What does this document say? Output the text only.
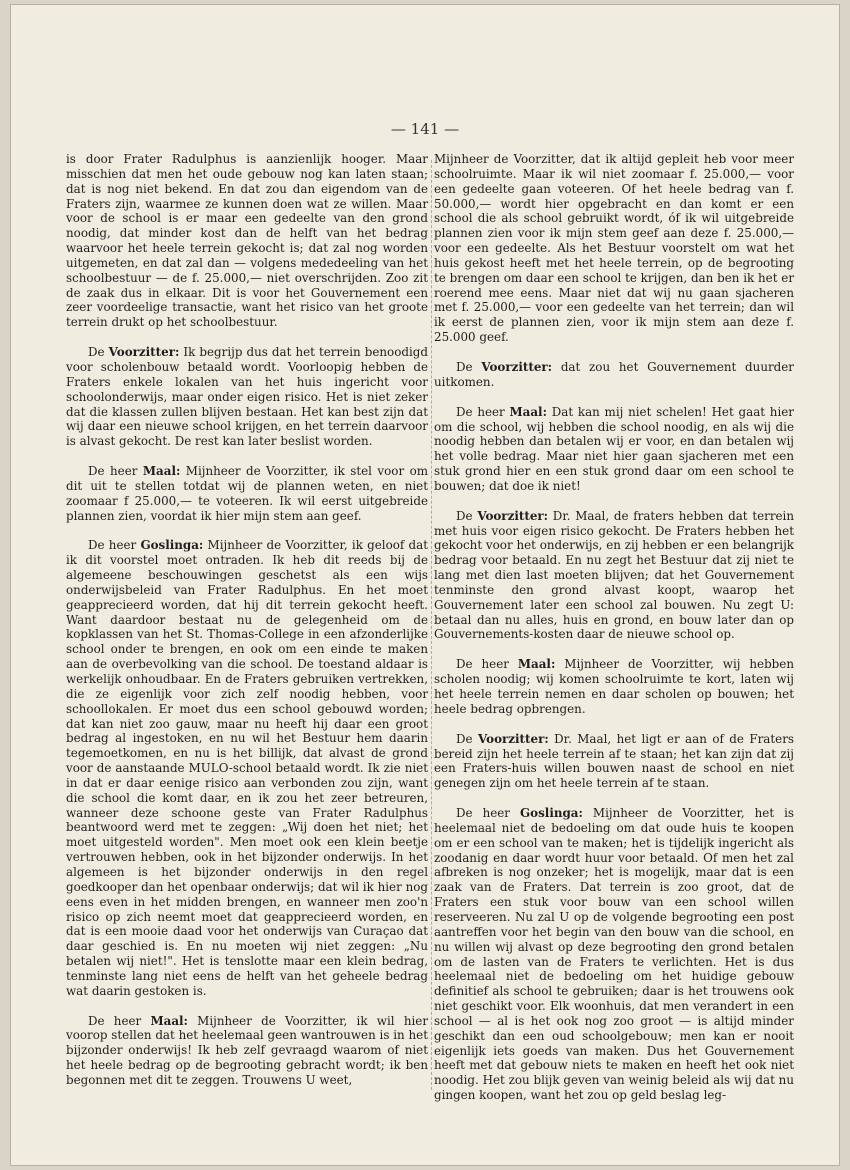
— 141 —

is door Frater Radulphus is aanzienlijk hooger. Maar misschien dat men het oude gebouw nog kan laten staan; dat is nog niet bekend. En dat zou dan eigendom van de Fraters zijn, waarmee ze kunnen doen wat ze willen. Maar voor de school is er maar een gedeelte van den grond noodig, dat minder kost dan de helft van het bedrag waarvoor het heele terrein gekocht is; dat zal nog worden uitgemeten, en dat zal dan — volgens mededeeling van het schoolbestuur — de f. 25.000,— niet overschrijden. Zoo zit de zaak dus in elkaar. Dit is voor het Gouvernement een zeer voordeelige transactie, want het risico van het groote terrein drukt op het schoolbestuur.

De Voorzitter: Ik begrijp dus dat het terrein benoodigd voor scholenbouw betaald wordt. Voorloopig hebben de Fraters enkele lokalen van het huis ingericht voor schoolonderwijs, maar onder eigen risico. Het is niet zeker dat die klassen zullen blijven bestaan. Het kan best zijn dat wij daar een nieuwe school krijgen, en het terrein daarvoor is alvast gekocht. De rest kan later beslist worden.

De heer Maal: Mijnheer de Voorzitter, ik stel voor om dit uit te stellen totdat wij de plannen weten, en niet zoomaar f 25.000,— te voteeren. Ik wil eerst uitgebreide plannen zien, voordat ik hier mijn stem aan geef.

De heer Goslinga: Mijnheer de Voorzitter, ik geloof dat ik dit voorstel moet ontraden. Ik heb dit reeds bij de algemeene beschouwingen geschetst als een wijs onderwijsbeleid van Frater Radulphus. En het moet geapprecieerd worden, dat hij dit terrein gekocht heeft. Want daardoor bestaat nu de gelegenheid om de kopklassen van het St. Thomas-College in een afzonderlijke school onder te brengen, en ook om een einde te maken aan de overbevolking van die school. De toestand aldaar is werkelijk onhoudbaar. En de Fraters gebruiken vertrekken, die ze eigenlijk voor zich zelf noodig hebben, voor schoollokalen. Er moet dus een school gebouwd worden; dat kan niet zoo gauw, maar nu heeft hij daar een groot bedrag al ingestoken, en nu wil het Bestuur hem daarin tegemoetkomen, en nu is het billijk, dat alvast de grond voor de aanstaande MULO-school betaald wordt. Ik zie niet in dat er daar eenige risico aan verbonden zou zijn, want die school die komt daar, en ik zou het zeer betreuren, wanneer deze schoone geste van Frater Radulphus beantwoord werd met te zeggen: „Wij doen het niet; het moet uitgesteld worden". Men moet ook een klein beetje vertrouwen hebben, ook in het bijzonder onderwijs. In het algemeen is het bijzonder onderwijs in den regel goedkooper dan het openbaar onderwijs; dat wil ik hier nog eens even in het midden brengen, en wanneer men zoo'n risico op zich neemt moet dat geapprecieerd worden, en dat is een mooie daad voor het onderwijs van Curaçao dat daar geschied is. En nu moeten wij niet zeggen: „Nu betalen wij niet!". Het is tenslotte maar een klein bedrag, tenminste lang niet eens de helft van het geheele bedrag wat daarin gestoken is.

De heer Maal: Mijnheer de Voorzitter, ik wil hier voorop stellen dat het heelemaal geen wantrouwen is in het bijzonder onderwijs! Ik heb zelf gevraagd waarom of niet het heele bedrag op de begrooting gebracht wordt; ik ben begonnen met dit te zeggen. Trouwens U weet,

Mijnheer de Voorzitter, dat ik altijd gepleit heb voor meer schoolruimte. Maar ik wil niet zoomaar f. 25.000,— voor een gedeelte gaan voteeren. Of het heele bedrag van f. 50.000,— wordt hier opgebracht en dan komt er een school die als school gebruikt wordt, óf ik wil uitgebreide plannen zien voor ik mijn stem geef aan deze f. 25.000,— voor een gedeelte. Als het Bestuur voorstelt om wat het huis gekost heeft met het heele terrein, op de begrooting te brengen om daar een school te krijgen, dan ben ik het er roerend mee eens. Maar niet dat wij nu gaan sjacheren met f. 25.000,— voor een gedeelte van het terrein; dan wil ik eerst de plannen zien, voor ik mijn stem aan deze f. 25.000 geef.

De Voorzitter: dat zou het Gouvernement duurder uitkomen.

De heer Maal: Dat kan mij niet schelen! Het gaat hier om die school, wij hebben die school noodig, en als wij die noodig hebben dan betalen wij er voor, en dan betalen wij het volle bedrag. Maar niet hier gaan sjacheren met een stuk grond hier en een stuk grond daar om een school te bouwen; dat doe ik niet!

De Voorzitter: Dr. Maal, de fraters hebben dat terrein met huis voor eigen risico gekocht. De Fraters hebben het gekocht voor het onderwijs, en zij hebben er een belangrijk bedrag voor betaald. En nu zegt het Bestuur dat zij niet te lang met dien last moeten blijven; dat het Gouvernement tenminste den grond alvast koopt, waarop het Gouvernement later een school zal bouwen. Nu zegt U: betaal dan nu alles, huis en grond, en bouw later dan op Gouvernements-kosten daar de nieuwe school op.

De heer Maal: Mijnheer de Voorzitter, wij hebben scholen noodig; wij komen schoolruimte te kort, laten wij het heele terrein nemen en daar scholen op bouwen; het heele bedrag opbrengen.

De Voorzitter: Dr. Maal, het ligt er aan of de Fraters bereid zijn het heele terrein af te staan; het kan zijn dat zij een Fraters-huis willen bouwen naast de school en niet genegen zijn om het heele terrein af te staan.

De heer Goslinga: Mijnheer de Voorzitter, het is heelemaal niet de bedoeling om dat oude huis te koopen om er een school van te maken; het is tijdelijk ingericht als zoodanig en daar wordt huur voor betaald. Of men het zal afbreken is nog onzeker; het is mogelijk, maar dat is een zaak van de Fraters. Dat terrein is zoo groot, dat de Fraters een stuk voor bouw van een school willen reserveeren. Nu zal U op de volgende begrooting een post aantreffen voor het begin van den bouw van die school, en nu willen wij alvast op deze begrooting den grond betalen om de lasten van de Fraters te verlichten. Het is dus heelemaal niet de bedoeling om het huidige gebouw definitief als school te gebruiken; daar is het trouwens ook niet geschikt voor. Elk woonhuis, dat men verandert in een school — al is het ook nog zoo groot — is altijd minder geschikt dan een oud schoolgebouw; men kan er nooit eigenlijk iets goeds van maken. Dus het Gouvernement heeft met dat gebouw niets te maken en heeft het ook niet noodig. Het zou blijk geven van weinig beleid als wij dat nu gingen koopen, want het zou op geld beslag leg-
